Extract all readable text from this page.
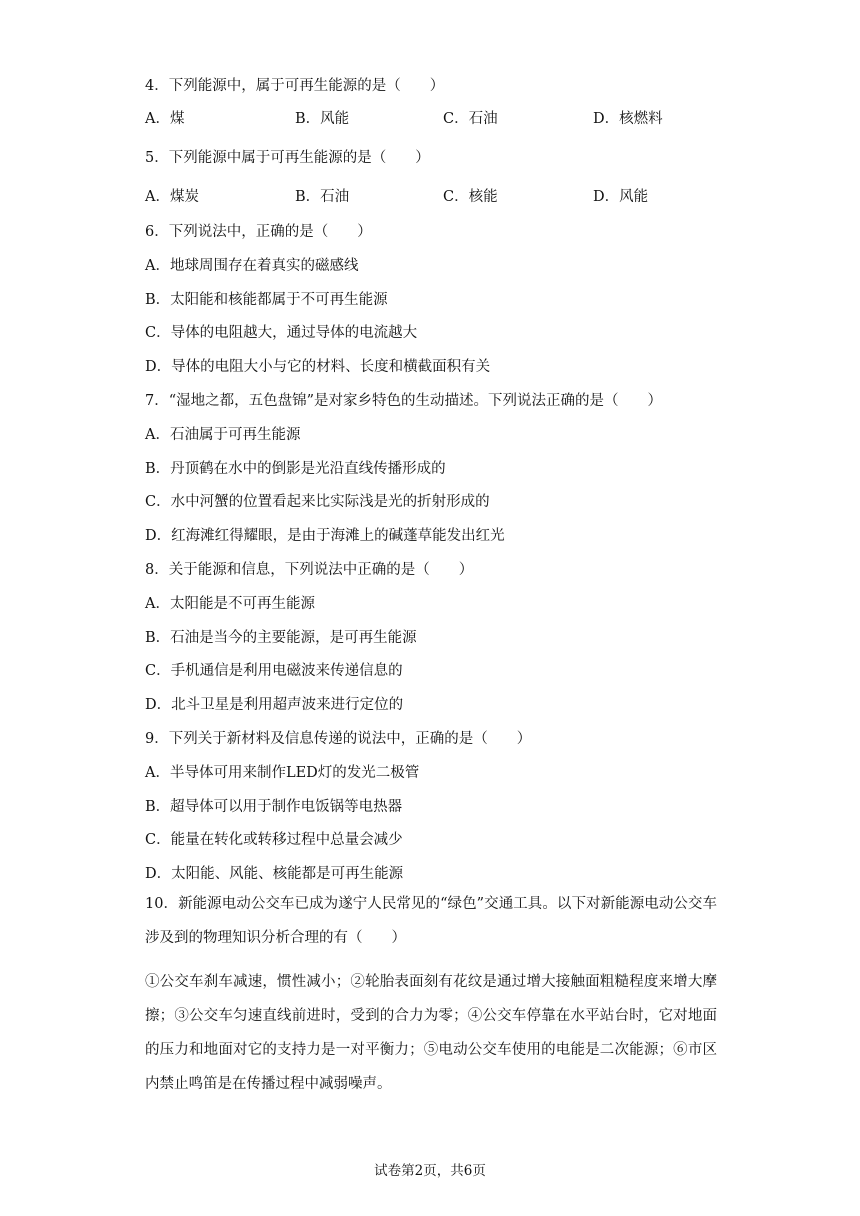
4．下列能源中，属于可再生能源的是（　　）
A．煤	B．风能	C．石油	D．核燃料
5．下列能源中属于可再生能源的是（　　）
A．煤炭	B．石油	C．核能	D．风能
6．下列说法中，正确的是（　　）
A．地球周围存在着真实的磁感线
B．太阳能和核能都属于不可再生能源
C．导体的电阻越大，通过导体的电流越大
D．导体的电阻大小与它的材料、长度和横截面积有关
7．“湿地之都，五色盘锦”是对家乡特色的生动描述。下列说法正确的是（　　）
A．石油属于可再生能源
B．丹顶鹤在水中的倒影是光沿直线传播形成的
C．水中河蟹的位置看起来比实际浅是光的折射形成的
D．红海滩红得耀眼，是由于海滩上的碱蓬草能发出红光
8．关于能源和信息，下列说法中正确的是（　　）
A．太阳能是不可再生能源
B．石油是当今的主要能源，是可再生能源
C．手机通信是利用电磁波来传递信息的
D．北斗卫星是利用超声波来进行定位的
9．下列关于新材料及信息传递的说法中，正确的是（　　）
A．半导体可用来制作LED灯的发光二极管
B．超导体可以用于制作电饭锅等电热器
C．能量在转化或转移过程中总量会减少
D．太阳能、风能、核能都是可再生能源
10．新能源电动公交车已成为遂宁人民常见的“绿色”交通工具。以下对新能源电动公交车涉及到的物理知识分析合理的有（　　）
①公交车刹车减速，惯性减小；②轮胎表面刻有花纹是通过增大接触面粗糙程度来增大摩擦；③公交车匀速直线前进时，受到的合力为零；④公交车停靠在水平站台时，它对地面的压力和地面对它的支持力是一对平衡力；⑤电动公交车使用的电能是二次能源；⑥市区内禁止鸣笛是在传播过程中减弱噪声。
试卷第2页，共6页
